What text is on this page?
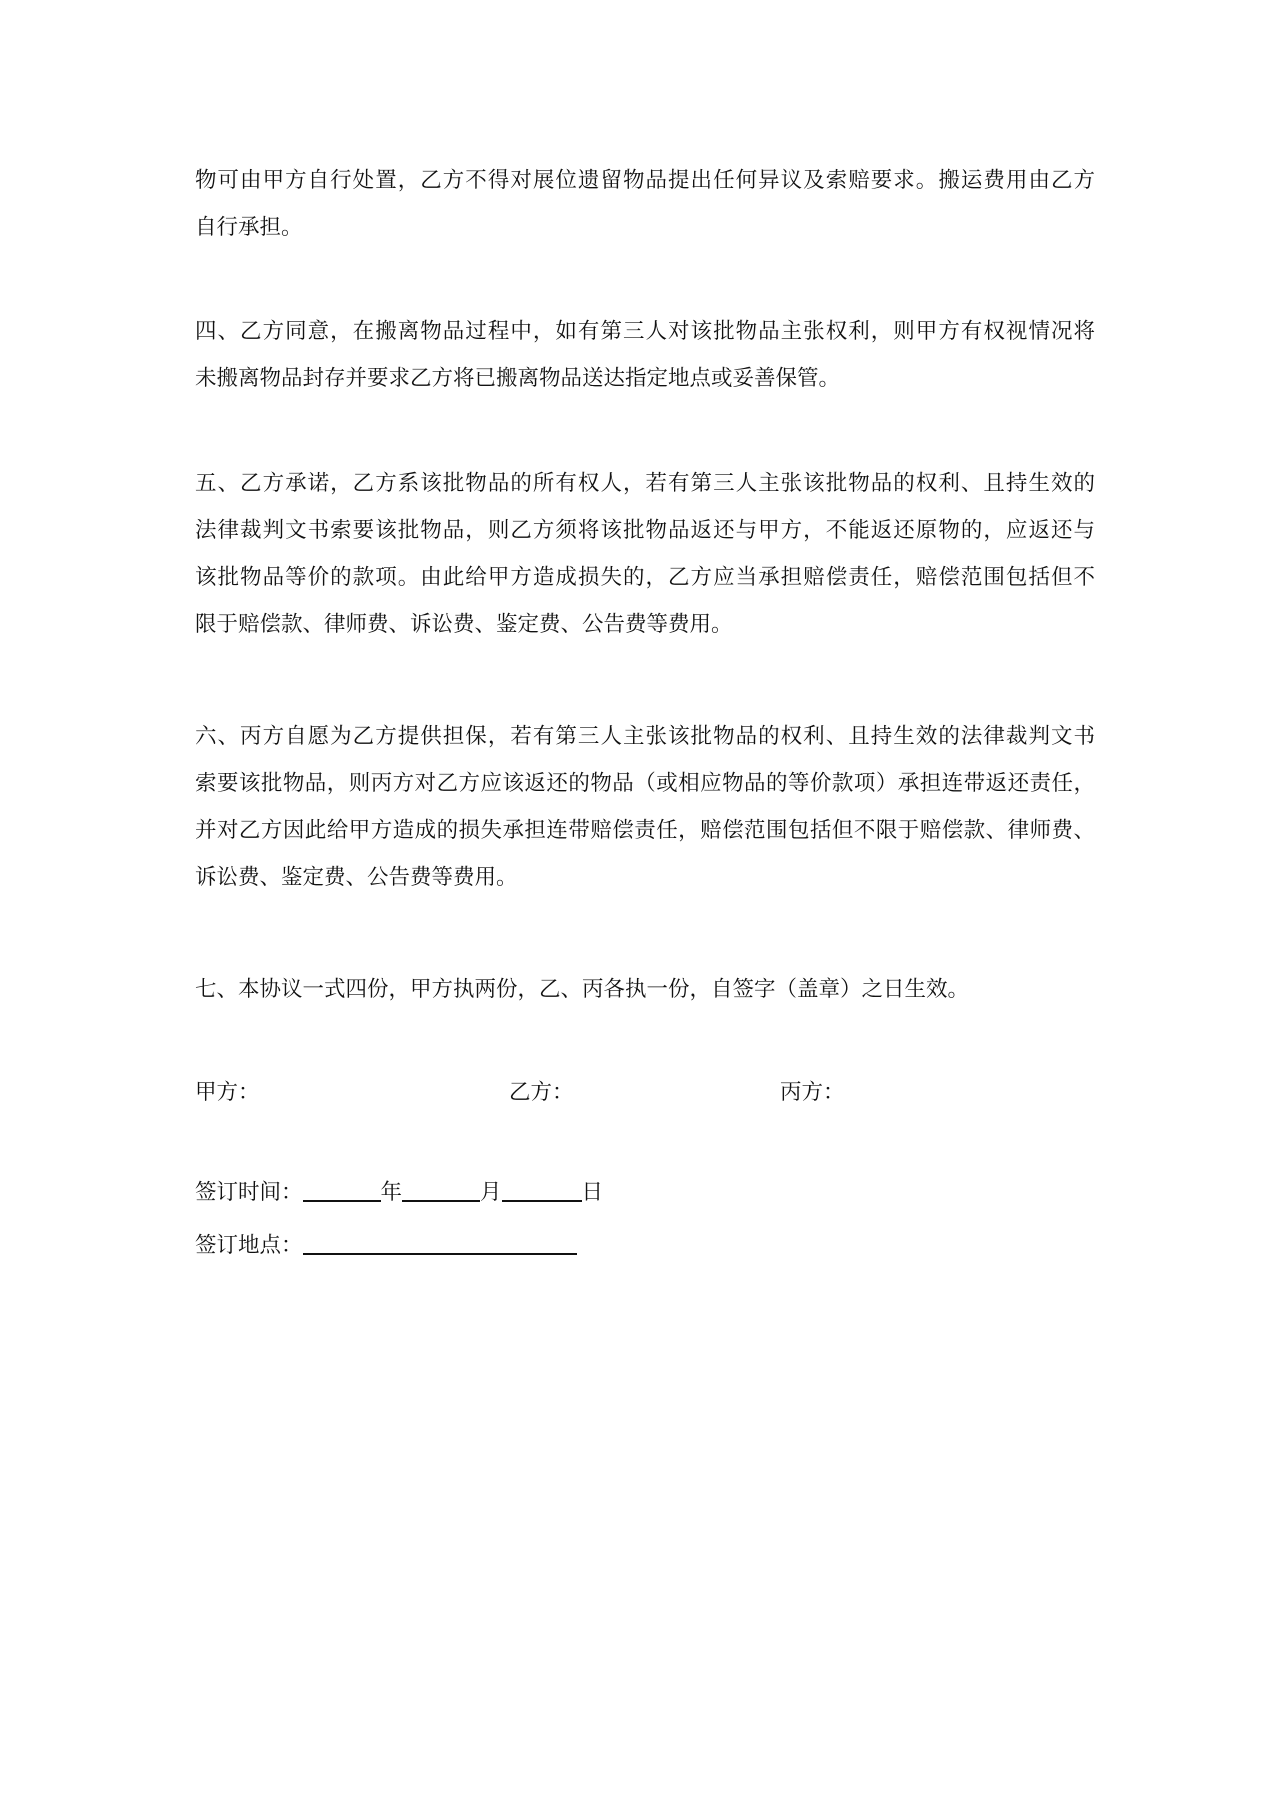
物可由甲方自行处置，乙方不得对展位遗留物品提出任何异议及索赔要求。搬运费用由乙方
自行承担。

四、乙方同意，在搬离物品过程中，如有第三人对该批物品主张权利，则甲方有权视情况将
未搬离物品封存并要求乙方将已搬离物品送达指定地点或妥善保管。

五、乙方承诺，乙方系该批物品的所有权人，若有第三人主张该批物品的权利、且持生效的
法律裁判文书索要该批物品，则乙方须将该批物品返还与甲方，不能返还原物的，应返还与
该批物品等价的款项。由此给甲方造成损失的，乙方应当承担赔偿责任，赔偿范围包括但不
限于赔偿款、律师费、诉讼费、鉴定费、公告费等费用。

六、丙方自愿为乙方提供担保，若有第三人主张该批物品的权利、且持生效的法律裁判文书
索要该批物品，则丙方对乙方应该返还的物品（或相应物品的等价款项）承担连带返还责任，
并对乙方因此给甲方造成的损失承担连带赔偿责任，赔偿范围包括但不限于赔偿款、律师费、
诉讼费、鉴定费、公告费等费用。

七、本协议一式四份，甲方执两份，乙、丙各执一份，自签字（盖章）之日生效。

甲方：	乙方：	丙方：
签订时间：	年	月	日
签订地点：
